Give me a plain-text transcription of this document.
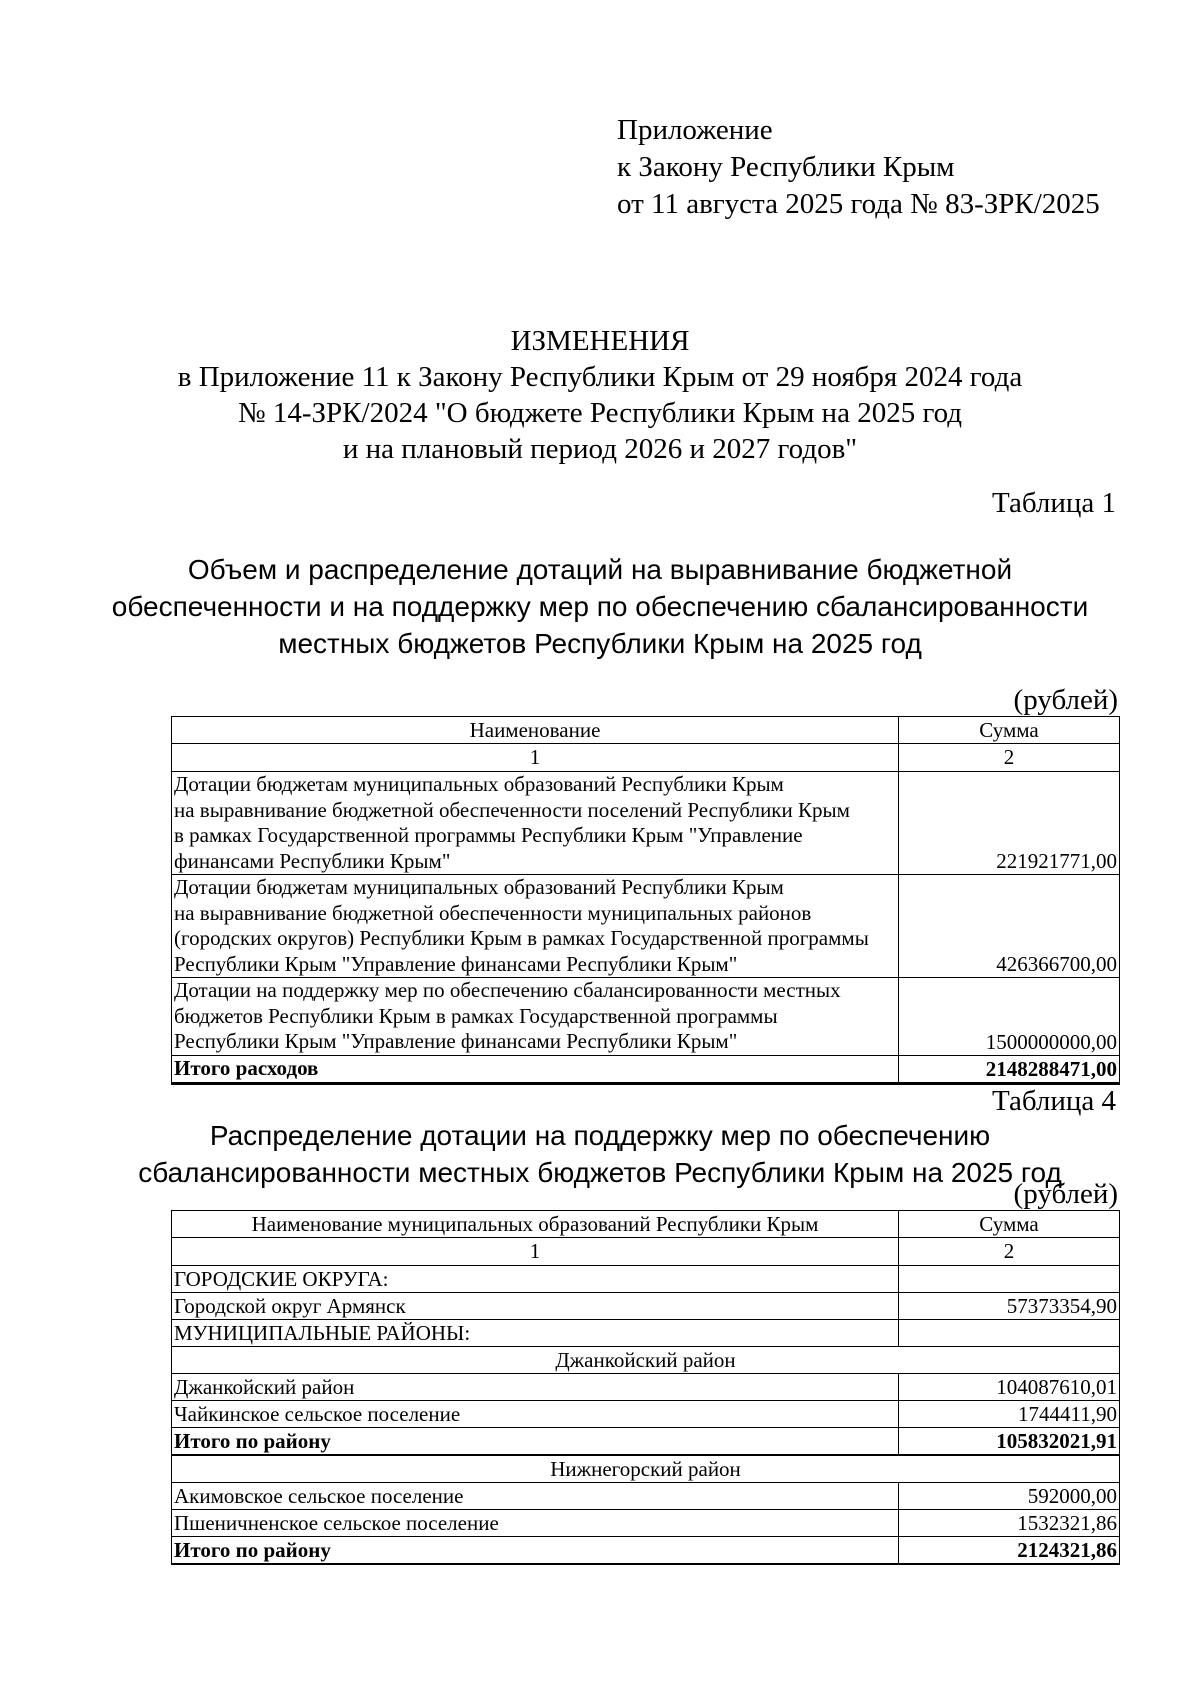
Приложение
к Закону Республики Крым
от 11 августа 2025 года № 83-ЗРК/2025
ИЗМЕНЕНИЯ
в Приложение 11 к Закону Республики Крым от 29 ноября 2024 года
№ 14-ЗРК/2024 "О бюджете Республики Крым на 2025 год
и на плановый период 2026 и 2027 годов"
Таблица 1
Объем и распределение дотаций на выравнивание бюджетной
обеспеченности и на поддержку мер по обеспечению сбалансированности
местных бюджетов Республики Крым на 2025 год
(рублей)
Наименование	Сумма
1	2

Дотации бюджетам муниципальных образований Республики Крым
на выравнивание бюджетной обеспеченности поселений Республики Крым
в рамках Государственной программы Республики Крым "Управление
финансами Республики Крым"	221921771,00

Дотации бюджетам муниципальных образований Республики Крым
на выравнивание бюджетной обеспеченности муниципальных районов
(городских округов) Республики Крым в рамках Государственной программы
Республики Крым "Управление финансами Республики Крым"	426366700,00

Дотации на поддержку мер по обеспечению сбалансированности местных
бюджетов Республики Крым в рамках Государственной программы
Республики Крым "Управление финансами Республики Крым"	1500000000,00
Итого расходов	2148288471,00
Таблица 4
Распределение дотации на поддержку мер по обеспечению
сбалансированности местных бюджетов Республики Крым на 2025 год
(рублей)
Наименование муниципальных образований Республики Крым	Сумма
1	2
ГОРОДСКИЕ ОКРУГА:	
Городской округ Армянск	57373354,90
МУНИЦИПАЛЬНЫЕ РАЙОНЫ:	
Джанкойский район	
Джанкойский район	104087610,01
Чайкинское сельское поселение	1744411,90
Итого по району	105832021,91
Нижнегорский район	
Акимовское сельское поселение	592000,00
Пшеничненское сельское поселение	1532321,86
Итого по району	2124321,86
